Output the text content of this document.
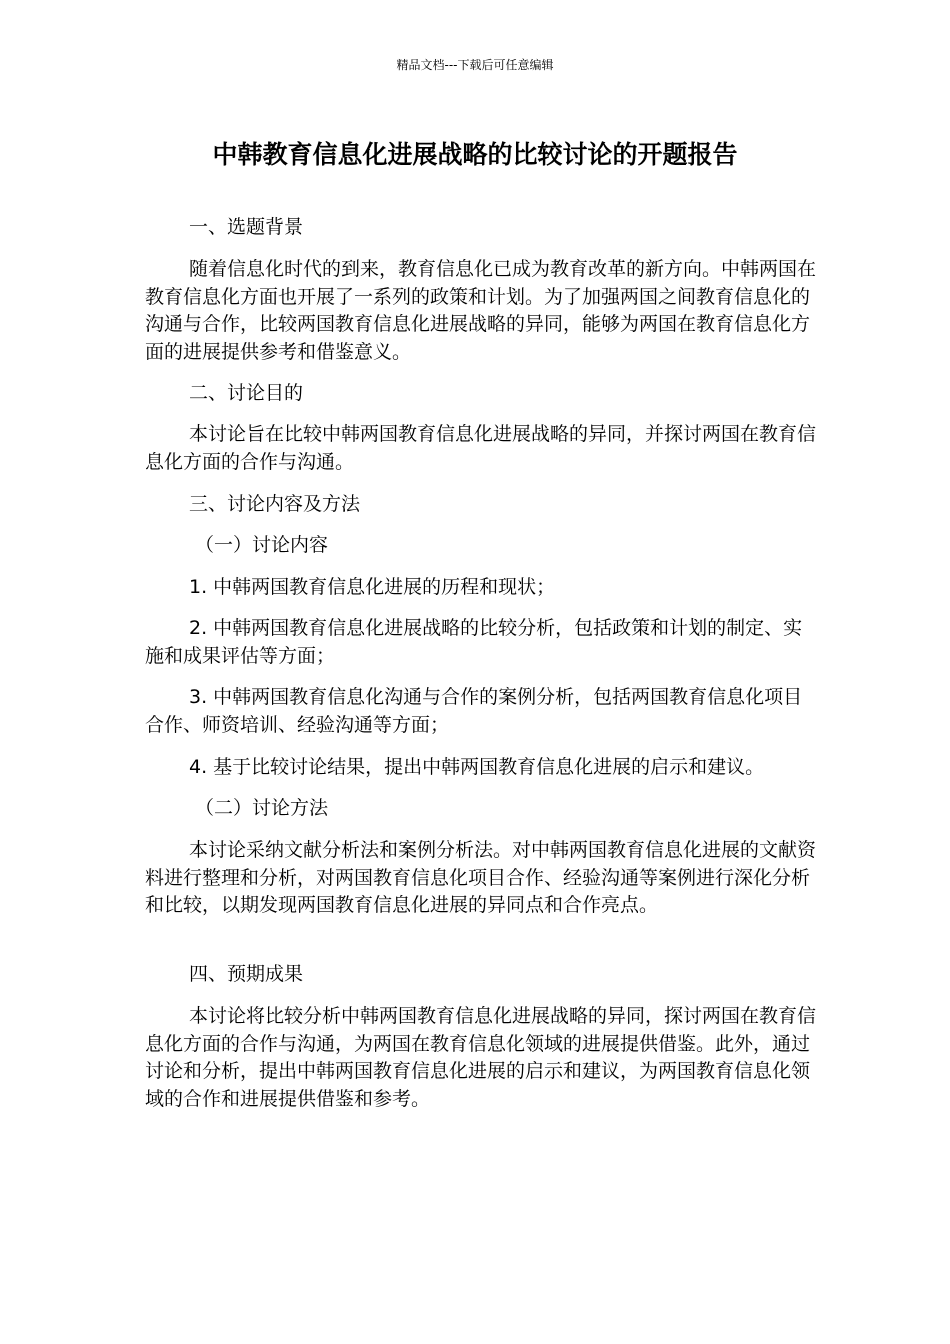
精品文档---下载后可任意编辑
中韩教育信息化进展战略的比较讨论的开题报告

一、选题背景

随着信息化时代的到来，教育信息化已成为教育改革的新方向。中韩两国在教育信息化方面也开展了一系列的政策和计划。为了加强两国之间教育信息化的沟通与合作，比较两国教育信息化进展战略的异同，能够为两国在教育信息化方面的进展提供参考和借鉴意义。

二、讨论目的

本讨论旨在比较中韩两国教育信息化进展战略的异同，并探讨两国在教育信息化方面的合作与沟通。

三、讨论内容及方法

（一）讨论内容

1. 中韩两国教育信息化进展的历程和现状；

2. 中韩两国教育信息化进展战略的比较分析，包括政策和计划的制定、实施和成果评估等方面；

3. 中韩两国教育信息化沟通与合作的案例分析，包括两国教育信息化项目合作、师资培训、经验沟通等方面；

4. 基于比较讨论结果，提出中韩两国教育信息化进展的启示和建议。

（二）讨论方法

本讨论采纳文献分析法和案例分析法。对中韩两国教育信息化进展的文献资料进行整理和分析，对两国教育信息化项目合作、经验沟通等案例进行深化分析和比较，以期发现两国教育信息化进展的异同点和合作亮点。

四、预期成果

本讨论将比较分析中韩两国教育信息化进展战略的异同，探讨两国在教育信息化方面的合作与沟通，为两国在教育信息化领域的进展提供借鉴。此外，通过讨论和分析，提出中韩两国教育信息化进展的启示和建议，为两国教育信息化领域的合作和进展提供借鉴和参考。
